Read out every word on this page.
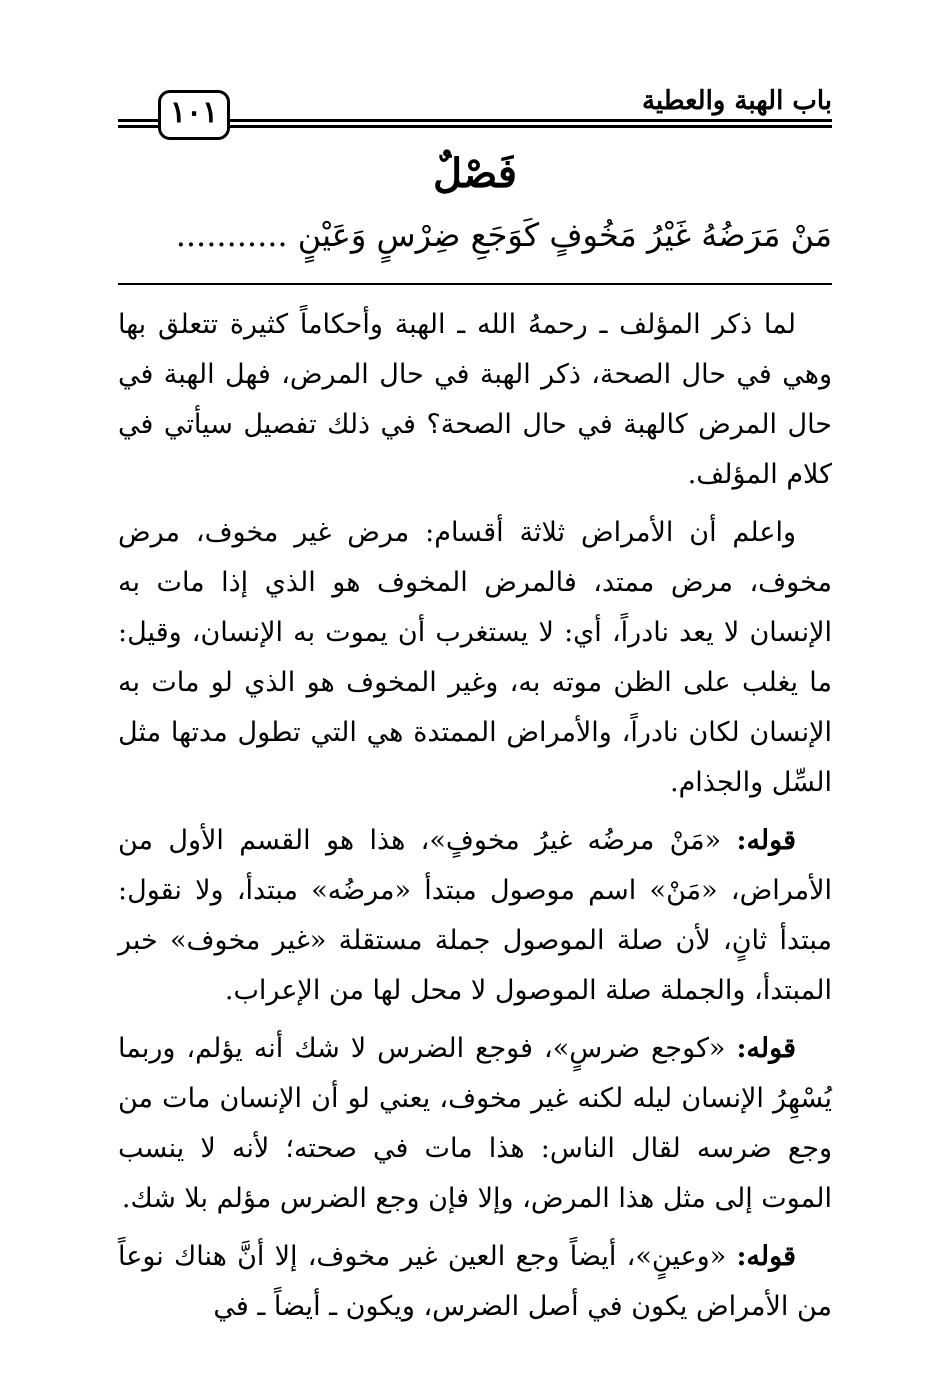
باب الهبة والعطية
١٠١
فَصْلٌ
مَنْ مَرَضُهُ غَيْرُ مَخُوفٍ كَوَجَعِ ضِرْسٍ وَعَيْنٍ ...........

لما ذكر المؤلف ـ رحمهُ الله ـ الهبة وأحكاماً كثيرة تتعلق بها وهي في حال الصحة، ذكر الهبة في حال المرض، فهل الهبة في حال المرض كالهبة في حال الصحة؟ في ذلك تفصيل سيأتي في كلام المؤلف.

واعلم أن الأمراض ثلاثة أقسام: مرض غير مخوف، مرض مخوف، مرض ممتد، فالمرض المخوف هو الذي إذا مات به الإنسان لا يعد نادراً، أي: لا يستغرب أن يموت به الإنسان، وقيل: ما يغلب على الظن موته به، وغير المخوف هو الذي لو مات به الإنسان لكان نادراً، والأمراض الممتدة هي التي تطول مدتها مثل السِّل والجذام.

قوله: «مَنْ مرضُه غيرُ مخوفٍ»، هذا هو القسم الأول من الأمراض، «مَنْ» اسم موصول مبتدأ «مرضُه» مبتدأ، ولا نقول: مبتدأ ثانٍ، لأن صلة الموصول جملة مستقلة «غير مخوف» خبر المبتدأ، والجملة صلة الموصول لا محل لها من الإعراب.

قوله: «كوجع ضرسٍ»، فوجع الضرس لا شك أنه يؤلم، وربما يُسْهِرُ الإنسان ليله لكنه غير مخوف، يعني لو أن الإنسان مات من وجع ضرسه لقال الناس: هذا مات في صحته؛ لأنه لا ينسب الموت إلى مثل هذا المرض، وإلا فإن وجع الضرس مؤلم بلا شك.

قوله: «وعينٍ»، أيضاً وجع العين غير مخوف، إلا أنَّ هناك نوعاً من الأمراض يكون في أصل الضرس، ويكون ـ أيضاً ـ في
